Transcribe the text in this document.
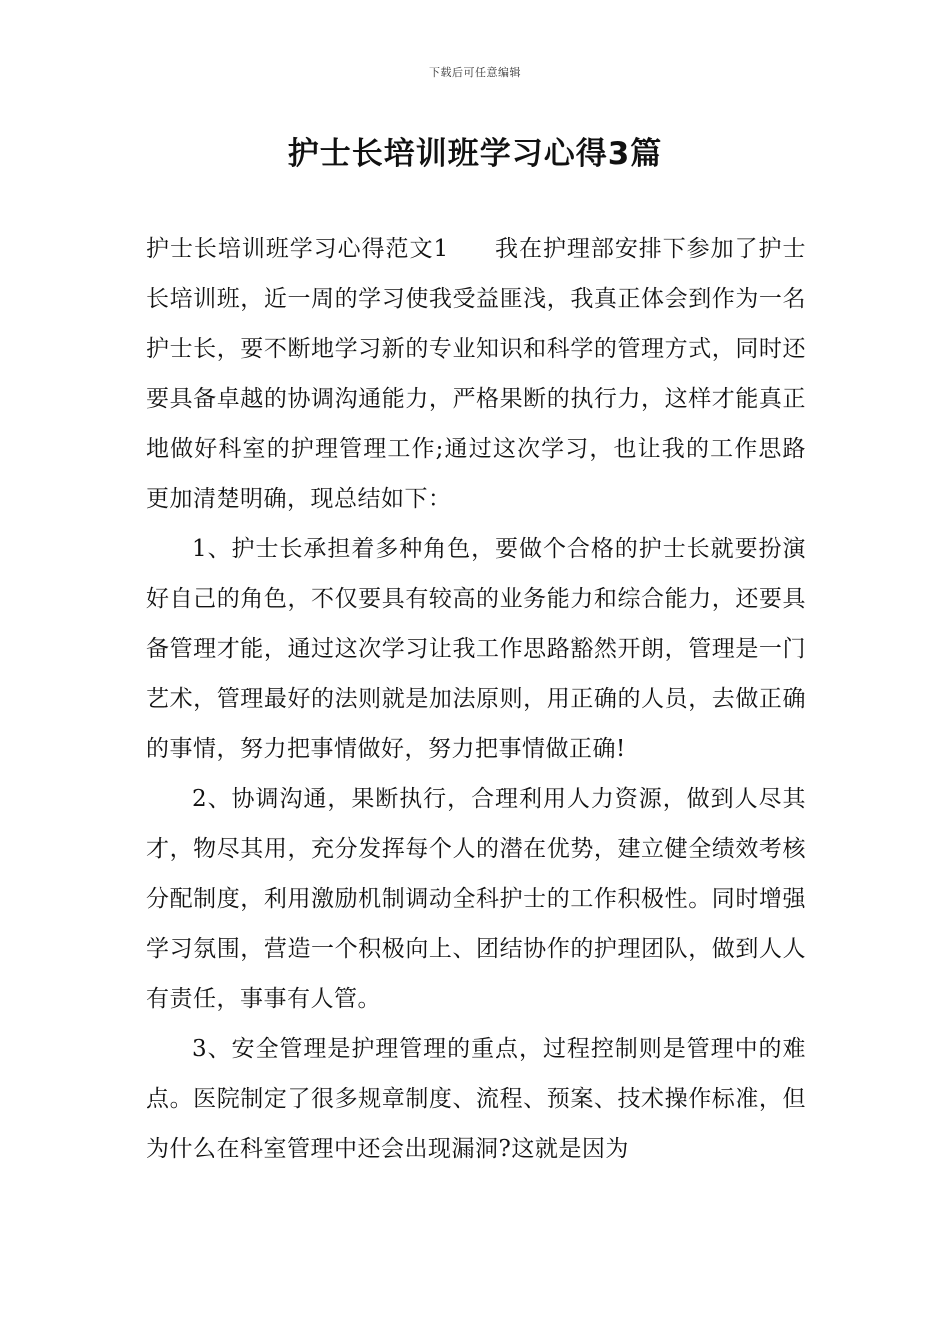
下载后可任意编辑
护士长培训班学习心得3篇

护士长培训班学习心得范文1 我在护理部安排下参加了护士长培训班，近一周的学习使我受益匪浅，我真正体会到作为一名护士长，要不断地学习新的专业知识和科学的管理方式，同时还要具备卓越的协调沟通能力，严格果断的执行力，这样才能真正地做好科室的护理管理工作;通过这次学习，也让我的工作思路更加清楚明确，现总结如下：

1、护士长承担着多种角色，要做个合格的护士长就要扮演好自己的角色，不仅要具有较高的业务能力和综合能力，还要具备管理才能，通过这次学习让我工作思路豁然开朗，管理是一门艺术，管理最好的法则就是加法原则，用正确的人员，去做正确的事情，努力把事情做好，努力把事情做正确!

2、协调沟通，果断执行，合理利用人力资源，做到人尽其才，物尽其用，充分发挥每个人的潜在优势，建立健全绩效考核分配制度，利用激励机制调动全科护士的工作积极性。同时增强学习氛围，营造一个积极向上、团结协作的护理团队，做到人人有责任，事事有人管。

3、安全管理是护理管理的重点，过程控制则是管理中的难点。医院制定了很多规章制度、流程、预案、技术操作标准，但为什么在科室管理中还会出现漏洞?这就是因为
